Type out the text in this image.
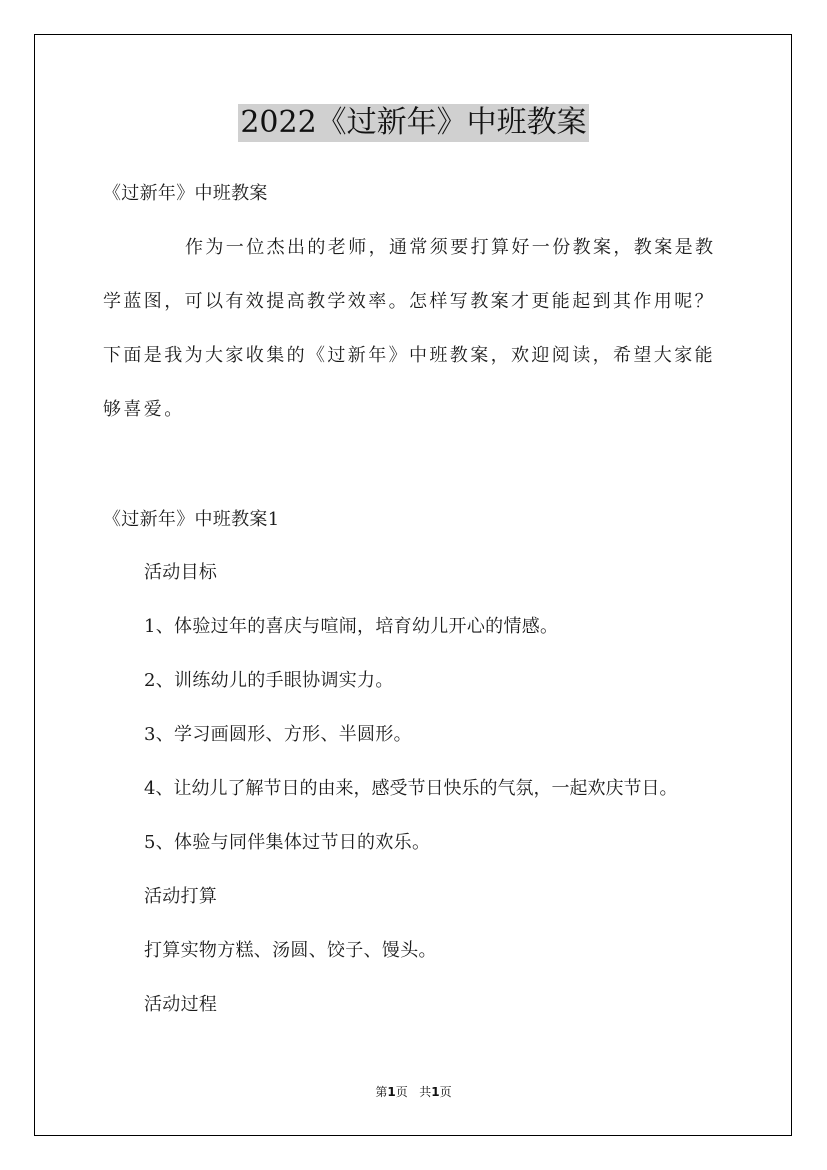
2022《过新年》中班教案
《过新年》中班教案
作为一位杰出的老师，通常须要打算好一份教案，教案是教
学蓝图，可以有效提高教学效率。怎样写教案才更能起到其作用呢？
下面是我为大家收集的《过新年》中班教案，欢迎阅读，希望大家能
够喜爱。
《过新年》中班教案1
活动目标
1、体验过年的喜庆与喧闹，培育幼儿开心的情感。
2、训练幼儿的手眼协调实力。
3、学习画圆形、方形、半圆形。
4、让幼儿了解节日的由来，感受节日快乐的气氛，一起欢庆节日。
5、体验与同伴集体过节日的欢乐。
活动打算
打算实物方糕、汤圆、饺子、馒头。
活动过程
第1页   共1页
